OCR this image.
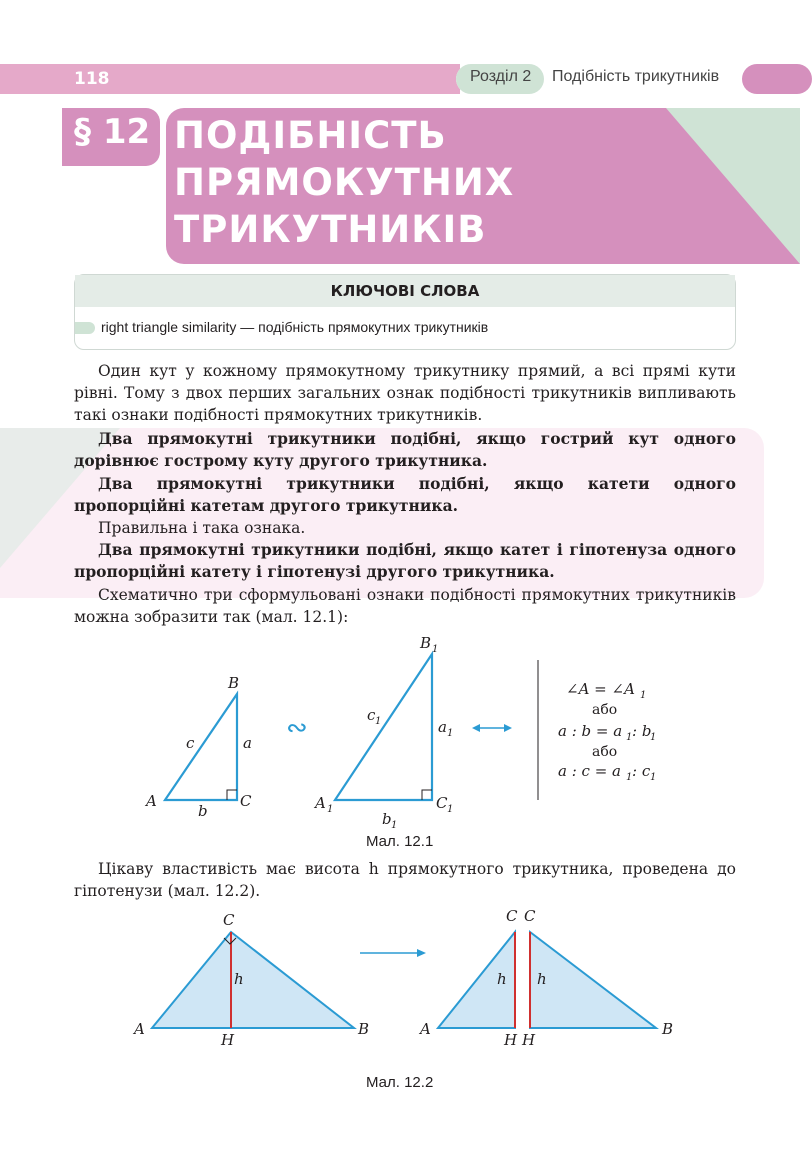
118	Розділ 2 Подібність трикутників
§ 12 ПОДІБНІСТЬ
ПРЯМОКУТНИХ
ТРИКУТНИКІВ
КЛЮЧОВІ СЛОВА
right triangle similarity — подібність прямокутних трикутників
Один кут у кожному прямокутному трикутнику прямий, а всі прямі кути рівні. Тому з двох перших загальних ознак подібності трикутників випливають такі ознаки подібності прямокутних трикутників.
Два прямокутні трикутники подібні, якщо гострий кут одного дорівнює гострому куту другого трикутника.
Два прямокутні трикутники подібні, якщо катети одного пропорційні катетам другого трикутника.
Правильна і така ознака.
Два прямокутні трикутники подібні, якщо катет і гіпотенуза одного пропорційні катету і гіпотенузі другого трикутника.
Схематично три сформульовані ознаки подібності прямокутних трикутників можна зобразити так (мал. 12.1):
A
B
C
a
b
c	∾
A 1
B 1
C 1
a 1
b 1
c 1
∠A = ∠A 1
або
a : b = a 1 : b
1
або
a : c = a 1 : c 1
Мал. 12.1
Цікаву властивість має висота h прямокутного трикутника, проведена до гіпотенузи (мал. 12.2).
A	B
C
H
h
A
C
H
h
C
H
h
B
Мал. 12.2
